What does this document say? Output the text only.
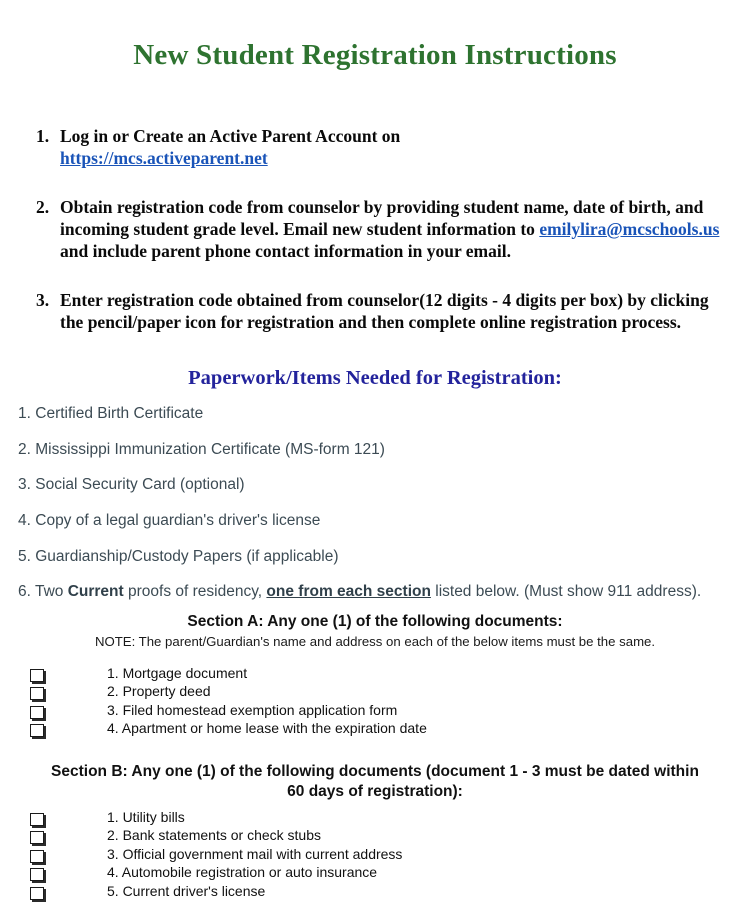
New Student Registration Instructions
1. Log in or Create an Active Parent Account on
https://mcs.activeparent.net
2. Obtain registration code from counselor by providing student name, date of birth, and incoming student grade level. Email new student information to emilylira@mcschools.us and include parent phone contact information in your email.
3. Enter registration code obtained from counselor(12 digits - 4 digits per box) by clicking the pencil/paper icon for registration and then complete online registration process.
Paperwork/Items Needed for Registration:
1. Certified Birth Certificate
2. Mississippi Immunization Certificate (MS-form 121)
3. Social Security Card (optional)
4. Copy of a legal guardian's driver's license
5. Guardianship/Custody Papers (if applicable)
6. Two Current proofs of residency, one from each section listed below. (Must show 911 address).

Section A: Any one (1) of the following documents:

NOTE: The parent/Guardian's name and address on each of the below items must be the same.

1. Mortgage document
2. Property deed
3. Filed homestead exemption application form
4. Apartment or home lease with the expiration date

Section B: Any one (1) of the following documents (document 1 - 3 must be dated within 60 days of registration):

1. Utility bills
2. Bank statements or check stubs
3. Official government mail with current address
4. Automobile registration or auto insurance
5. Current driver's license
